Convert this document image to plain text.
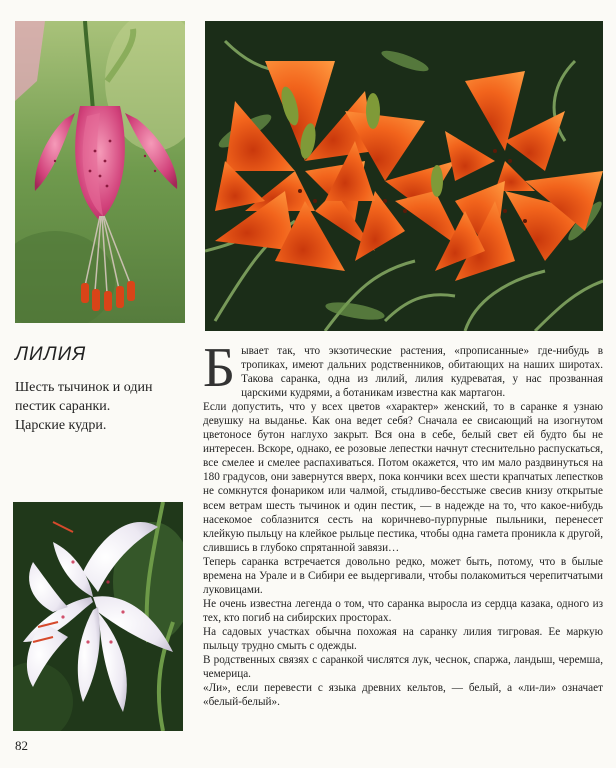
ЛИЛИЯ
Шесть тычинок и один пестик саранки.
Царские кудри.
Б ывает так, что экзотические растения, «прописанные» где-нибудь в тропиках, имеют дальних родственников, обитающих на наших широтах. Такова саранка, одна из лилий, лилия кудреватая, у нас прозванная царскими кудрями, а ботаникам известна как мартагон.

Если допустить, что у всех цветов «характер» женский, то в саранке я узнаю девушку на выданье. Как она ведет себя? Сначала ее свисающий на изогнутом цветоносе бутон наглухо закрыт. Вся она в себе, белый свет ей будто бы не интересен. Вскоре, однако, ее розовые лепестки начнут стеснительно распускаться, все смелее и смелее распахиваться. Потом окажется, что им мало раздвинуться на 180 градусов, они завернутся вверх, пока кончики всех шести крапчатых лепестков не сомкнутся фонариком или чалмой, стыдливо-бесстыже свесив книзу открытые всем ветрам шесть тычинок и один пестик, — в надежде на то, что какое-нибудь насекомое соблазнится сесть на коричнево-пурпурные пыльники, перенесет клейкую пыльцу на клейкое рыльце пестика, чтобы одна гамета проникла к другой, слившись в глубоко спрятанной завязи…

Теперь саранка встречается довольно редко, может быть, потому, что в былые времена на Урале и в Сибири ее выдергивали, чтобы полакомиться черепитчатыми луковицами.

Не очень известна легенда о том, что саранка выросла из сердца казака, одного из тех, кто погиб на сибирских просторах.

На садовых участках обычна похожая на саранку лилия тигровая. Ее маркую пыльцу трудно смыть с одежды.

В родственных связях с саранкой числятся лук, чеснок, спаржа, ландыш, черемша, чемерица.

«Ли», если перевести с языка древних кельтов, — белый, а «ли-ли» означает «белый-белый».

82
